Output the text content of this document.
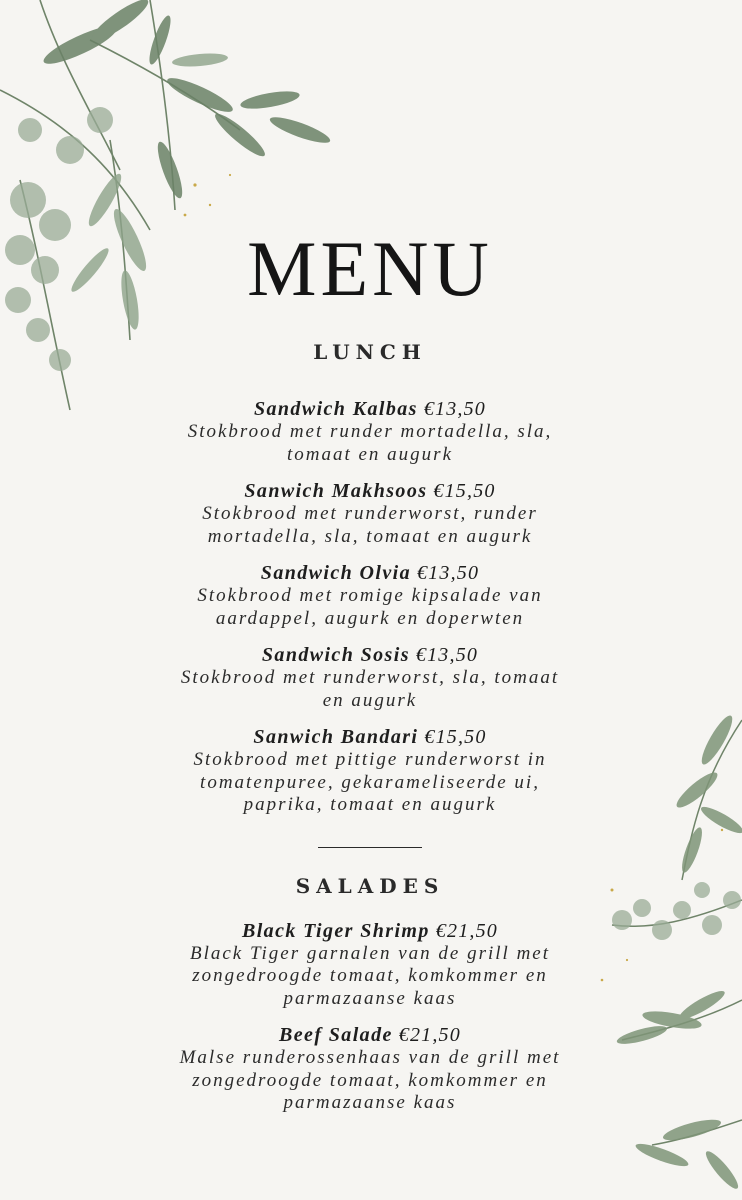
MENU
LUNCH
Sandwich Kalbas €13,50
Stokbrood met runder mortadella, sla,
tomaat en augurk
Sanwich Makhsoos €15,50
Stokbrood met runderworst, runder
mortadella, sla, tomaat en augurk
Sandwich Olvia €13,50
Stokbrood met romige kipsalade van
aardappel, augurk en doperwten
Sandwich Sosis €13,50
Stokbrood met runderworst, sla, tomaat
en augurk
Sanwich Bandari €15,50
Stokbrood met pittige runderworst in
tomatenpuree, gekarameliseerde ui,
paprika, tomaat en augurk
SALADES
Black Tiger Shrimp €21,50
Black Tiger garnalen van de grill met
zongedroogde tomaat, komkommer en
parmazaanse kaas
Beef Salade €21,50
Malse runderossenhaas van de grill met
zongedroogde tomaat, komkommer en
parmazaanse kaas
